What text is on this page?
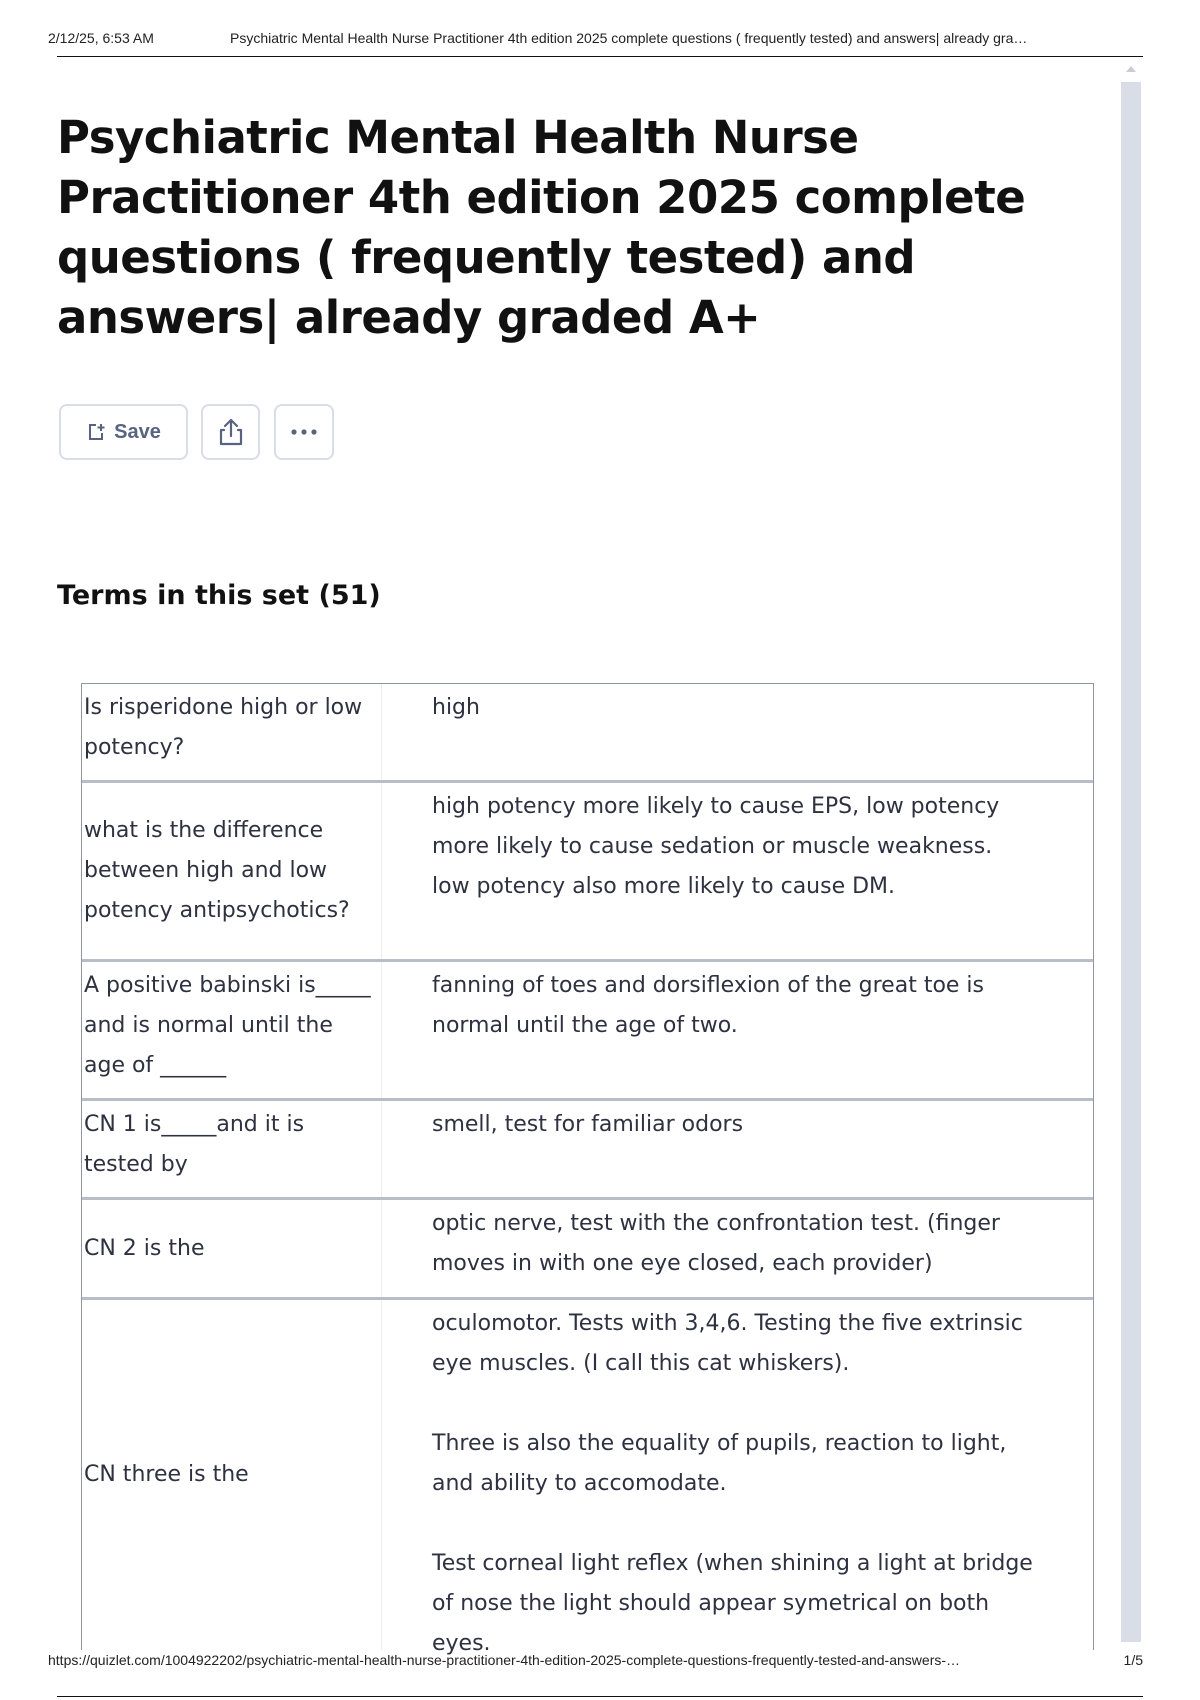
2/12/25, 6:53 AM	Psychiatric Mental Health Nurse Practitioner 4th edition 2025 complete questions ( frequently tested) and answers| already gra…
Psychiatric Mental Health Nurse Practitioner 4th edition 2025 complete questions ( frequently tested) and answers| already graded A+
Save
Terms in this set (51)
Is risperidone high or low potency?
high
what is the difference between high and low potency antipsychotics?
high potency more likely to cause EPS, low potency more likely to cause sedation or muscle weakness. low potency also more likely to cause DM.
A positive babinski is_____ and is normal until the age of ______
fanning of toes and dorsiflexion of the great toe is normal until the age of two.
CN 1 is_____and it is tested by
smell, test for familiar odors
CN 2 is the
optic nerve, test with the confrontation test. (finger moves in with one eye closed, each provider)
CN three is the
oculomotor. Tests with 3,4,6. Testing the five extrinsic eye muscles. (I call this cat whiskers).

Three is also the equality of pupils, reaction to light, and ability to accomodate.

Test corneal light reflex (when shining a light at bridge of nose the light should appear symetrical on both eyes.
https://quizlet.com/1004922202/psychiatric-mental-health-nurse-practitioner-4th-edition-2025-complete-questions-frequently-tested-and-answers-…	1/5
